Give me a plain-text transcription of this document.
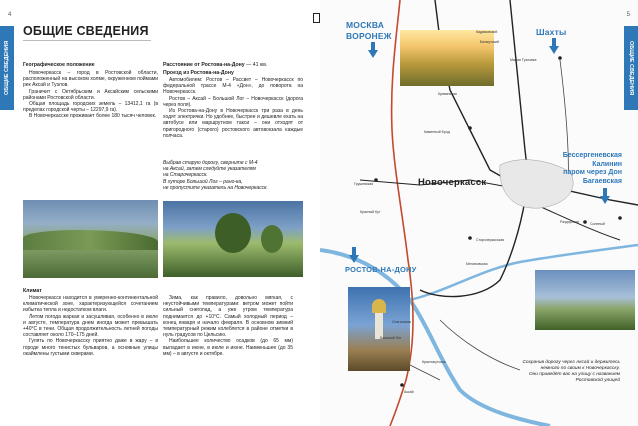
4
ОБЩИЕ СВЕДЕНИЯ
ОБЩИЕ СВЕДЕНИЯ
Географическое положение

Новочеркасск – город в Ростовской области, расположенный на высоком холме, окруженном поймами рек Аксай и Тузлов.

Граничит с Октябрьским и Аксайским сельскими районами Ростовской области.

Общая площадь городских земель – 13412,1 га (в пределах городской черты – 12297,9 га).

В Новочеркасске проживает более 180 тысяч человек.

Расстояние от Ростова-на-Дону — 41 км.
Проезд из Ростова-на-Дону

Автомобилем: Ростов – Рассвет – Новочеркасск по федеральной трассе М-4 «Дон», до поворота на Новочеркасск.

Ростов – Аксай – Большой Лог – Новочеркасск (дорога через поля).

Из Ростова-на-Дону в Новочеркасск три раза в день ходят электрички. Но удобнее, быстрее и дешевле ехать на автобусе или маршрутном такси – они отходят от пригородного (старого) ростовского автовокзала каждые полчаса.

Выбрав старую дорогу, сверните с М-4
на Аксай, затем следуйте указателям
на Старочеркасск.
В хуторе Большой Лог – рано-ка,
не пропустите указатель на Новочеркасск.
Климат

Новочеркасск находится в умеренно-континентальной климатической зоне, характеризующейся сочетанием избытка тепла и недостатком влаги.

Летом погода жаркая и засушливая, особенно в июле и августе, температура днем иногда может превышать +40°С в тени. Общая продолжительность летней погоды составляет около 170–175 дней.

Гулять по Новочеркасску приятно даже в жару – в городе много тенистых бульваров, а основные улицы окаймлены густыми скверами.

Зима, как правило, довольно мягкая, с неустойчивыми температурами: ветром может пойти сильный снегопад, а уже утром температура поднимается до +10°С. Самый холодный период – конец января и начало февраля. В основном зимний температурный режим колеблется в районе отметки в нуль градусов по Цельсию.

Наибольшее количество осадков (до 65 мм) выпадает в июне, в июле и июне. Наименьшее (до 35 мм) – в августе и октябре.

МОСКВА
ВОРОНЕЖ	Шахты
Новочеркасск
РОСТОВ-НА-ДОНУ
Бессергеневская
Калинин
паром через Дон
Багаевская
Кадамовский
Бахмутский
Малая Тузловка
Каменный Брод
Кривянская
Старочеркасская
Раздорская	Соленый
Мелиховская
Аксай
Большой Лог
Красный Кут
Ольгинская
Грушевская
Краснокутская	Сохранив дорогу через Аксай и держитесь
немного по своим к Новочеркасску.
Они приведёт вас на улицу с названием
Ростовской улицей
5
ОБЩИЕ СВЕДЕНИЯ
